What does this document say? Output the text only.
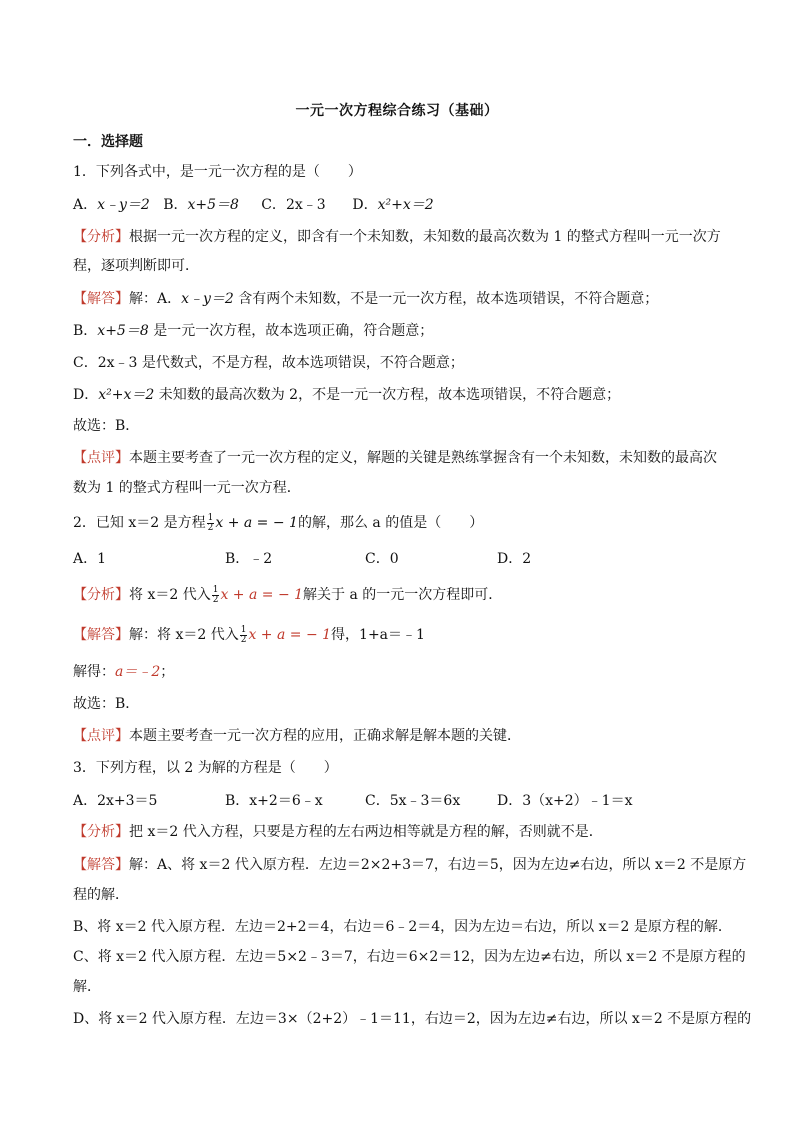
一元一次方程综合练习（基础）
一．选择题
1．下列各式中，是一元一次方程的是（　　）
A．x﹣y＝2 B．x+5＝8 C．2x﹣3 D．x²+x＝2
【分析】根据一元一次方程的定义，即含有一个未知数，未知数的最高次数为 1 的整式方程叫一元一次方
程，逐项判断即可．
【解答】解：A．x﹣y＝2 含有两个未知数，不是一元一次方程，故本选项错误，不符合题意；
B．x+5＝8 是一元一次方程，故本选项正确，符合题意；
C．2x﹣3 是代数式，不是方程，故本选项错误，不符合题意；
D．x²+x＝2 未知数的最高次数为 2，不是一元一次方程，故本选项错误，不符合题意；
故选：B．
【点评】本题主要考查了一元一次方程的定义，解题的关键是熟练掌握含有一个未知数，未知数的最高次
数为 1 的整式方程叫一元一次方程．
2．已知 x＝2 是方程 $\frac{1}{2}$ x + a = − 1的解，那么 a 的值是（　　）
A．1	B．﹣2	C．0	D．2
【分析】将 x＝2 代入 $\frac{1}{2}$ x + a = − 1解关于 a 的一元一次方程即可．
【解答】解：将 x＝2 代入 $\frac{1}{2}$ x + a = − 1得，1+a＝﹣1
解得：a＝﹣2；
故选：B．
【点评】本题主要考查一元一次方程的应用，正确求解是解本题的关键．
3．下列方程，以 2 为解的方程是（　　）
A．2x+3＝5	B．x+2＝6﹣x	C．5x﹣3＝6x	D．3（x+2）﹣1＝x
【分析】把 x＝2 代入方程，只要是方程的左右两边相等就是方程的解，否则就不是．
【解答】解：A、将 x＝2 代入原方程．左边＝2×2+3＝7，右边＝5，因为左边≠右边，所以 x＝2 不是原方
程的解．
B、将 x＝2 代入原方程．左边＝2+2＝4，右边＝6﹣2＝4，因为左边＝右边，所以 x＝2 是原方程的解．
C、将 x＝2 代入原方程．左边＝5×2﹣3＝7，右边＝6×2＝12，因为左边≠右边，所以 x＝2 不是原方程的
解．
D、将 x＝2 代入原方程．左边＝3×（2+2）﹣1＝11，右边＝2，因为左边≠右边，所以 x＝2 不是原方程的
